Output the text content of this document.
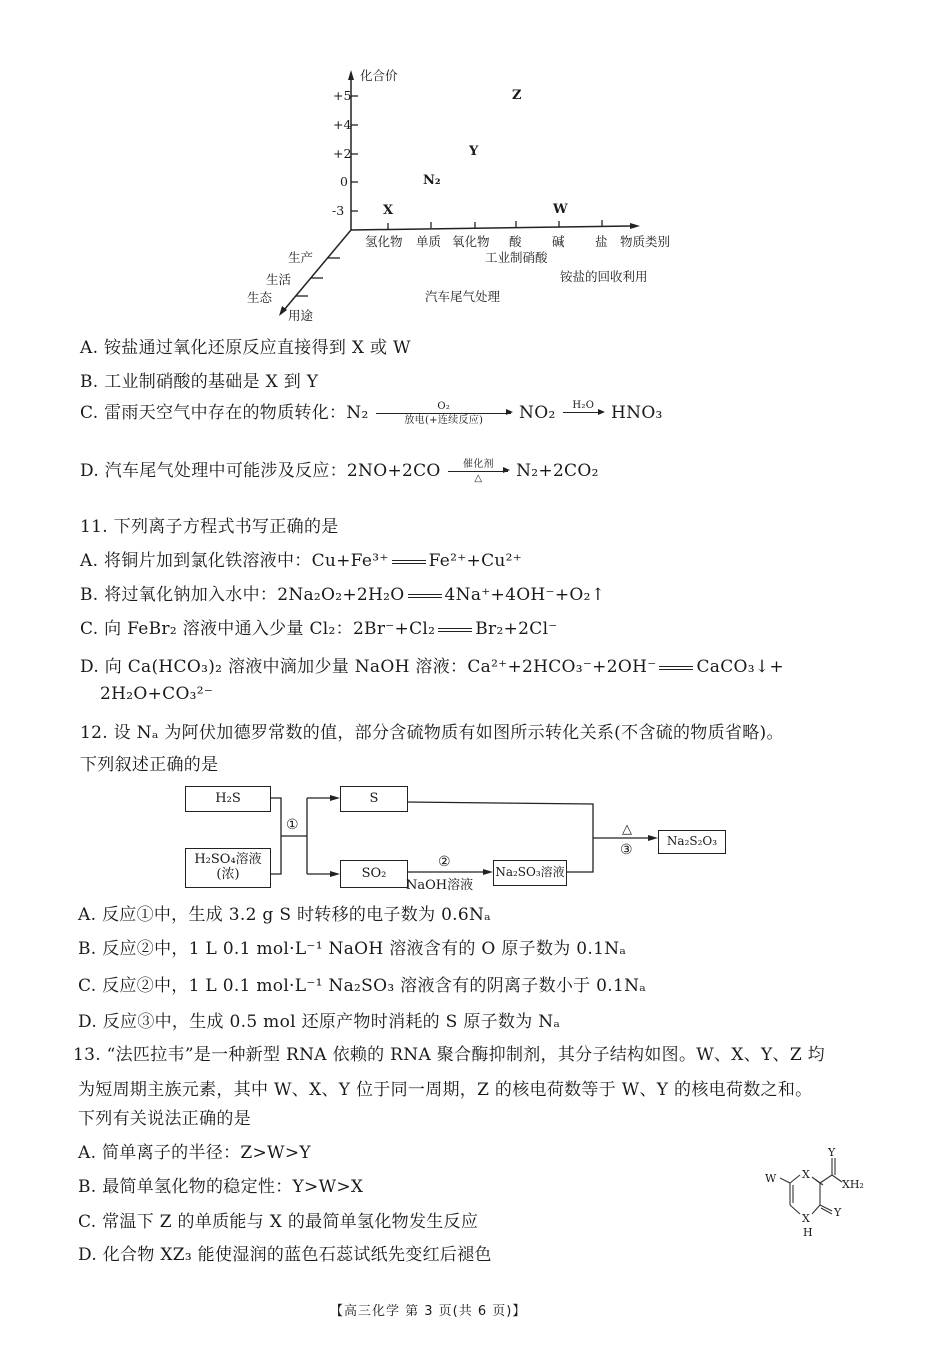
化合价
+5
+4
+2
0
-3
氢化物 单质 氧化物 酸 碱 盐 物质类别
生产
生活
生态
用途
X
N₂
Y
Z
W
工业制硝酸
铵盐的回收利用
汽车尾气处理
A. 铵盐通过氧化还原反应直接得到 X 或 W
B. 工业制硝酸的基础是 X 到 Y
C. 雷雨天空气中存在的物质转化：N₂	O₂
放电(+连续反应)	NO₂	H₂O HNO₃
D. 汽车尾气处理中可能涉及反应：2NO+2CO	催化剂
△	N₂+2CO₂
11. 下列离子方程式书写正确的是
A. 将铜片加到氯化铁溶液中：Cu+Fe³⁺ Fe²⁺+Cu²⁺
B. 将过氧化钠加入水中：2Na₂O₂+2H₂O 4Na⁺+4OH⁻+O₂↑
C. 向 FeBr₂ 溶液中通入少量 Cl₂：2Br⁻+Cl₂ Br₂+2Cl⁻
D. 向 Ca(HCO₃)₂ 溶液中滴加少量 NaOH 溶液：Ca²⁺+2HCO₃⁻+2OH⁻ CaCO₃↓+
2H₂O+CO₃²⁻
12. 设 Nₐ 为阿伏加德罗常数的值，部分含硫物质有如图所示转化关系(不含硫的物质省略)。
下列叙述正确的是
H₂S
H₂SO₄溶液
(浓)
①
S
SO₂
②
NaOH溶液
Na₂SO₃溶液
△
③
Na₂S₂O₃
A. 反应①中，生成 3.2 g S 时转移的电子数为 0.6Nₐ
B. 反应②中，1 L 0.1 mol·L⁻¹ NaOH 溶液含有的 O 原子数为 0.1Nₐ
C. 反应②中，1 L 0.1 mol·L⁻¹ Na₂SO₃ 溶液含有的阴离子数小于 0.1Nₐ
D. 反应③中，生成 0.5 mol 还原产物时消耗的 S 原子数为 Nₐ
13. “法匹拉韦”是一种新型 RNA 依赖的 RNA 聚合酶抑制剂，其分子结构如图。W、X、Y、Z 均
为短周期主族元素，其中 W、X、Y 位于同一周期，Z 的核电荷数等于 W、Y 的核电荷数之和。
下列有关说法正确的是
A. 简单离子的半径：Z>W>Y
B. 最简单氢化物的稳定性：Y>W>X
C. 常温下 Z 的单质能与 X 的最简单氢化物发生反应
D. 化合物 XZ₃ 能使湿润的蓝色石蕊试纸先变红后褪色
Y
W X
XH₂
Y
X
H
【高三化学 第 3 页(共 6 页)】
